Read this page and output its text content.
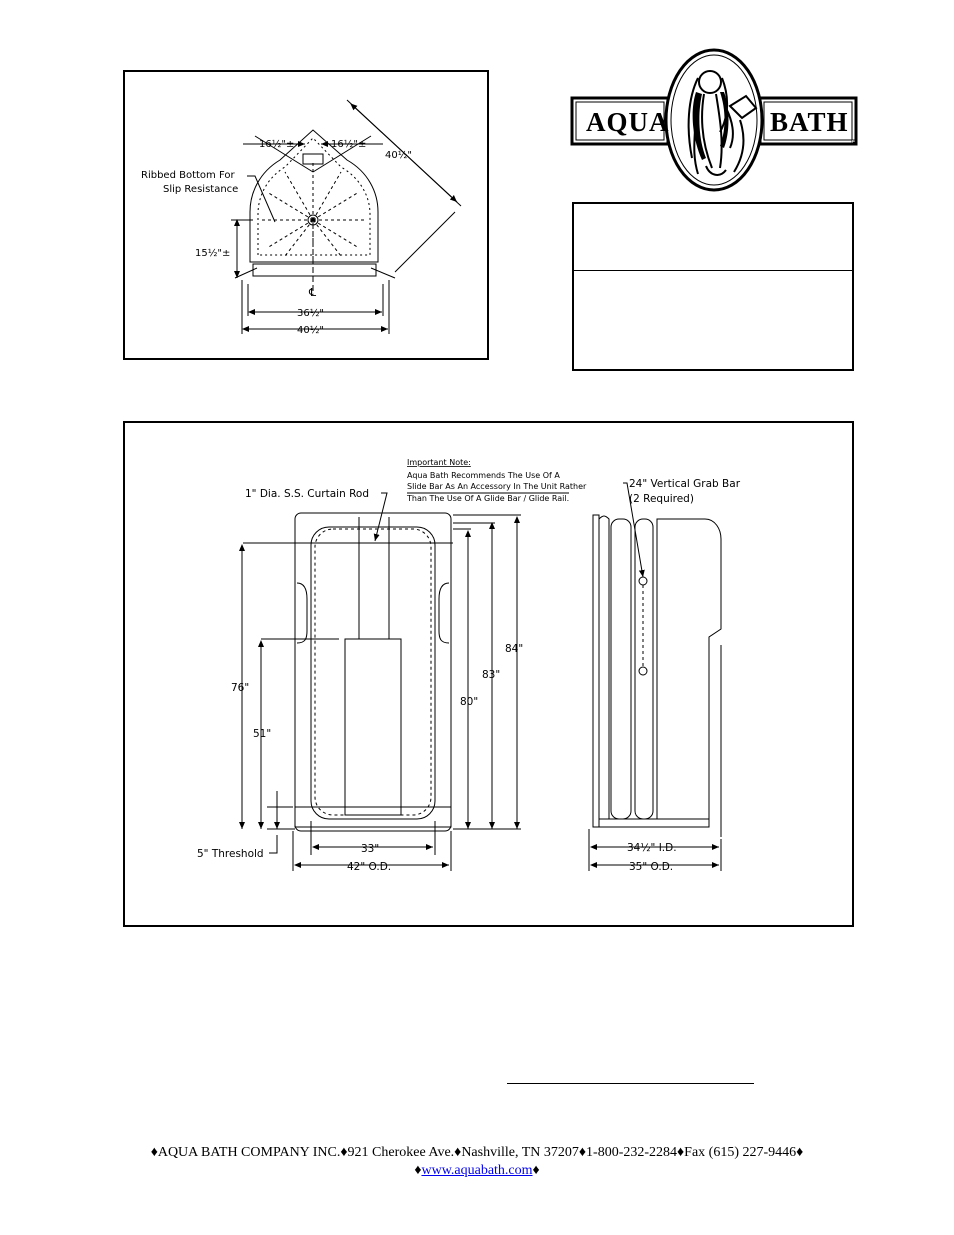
16½"±	16½"±
40½"
Ribbed Bottom For
Slip Resistance
15½"±
℄
36½"
40½"
AQUA	BATH
®
Important Note:
Aqua Bath Recommends The Use Of A
Slide Bar As An Accessory In The Unit Rather
Than The Use Of A Glide Bar / Glide Rail.
1" Dia. S.S. Curtain Rod
24" Vertical Grab Bar
(2 Required)
84"
83"
80"
76"
51"
5" Threshold	33"
42" O.D.
34½" I.D.
35" O.D.
♦AQUA BATH COMPANY INC.♦921 Cherokee Ave.♦Nashville, TN 37207♦1-800-232-2284♦Fax (615) 227-9446♦
♦www.aquabath.com♦
